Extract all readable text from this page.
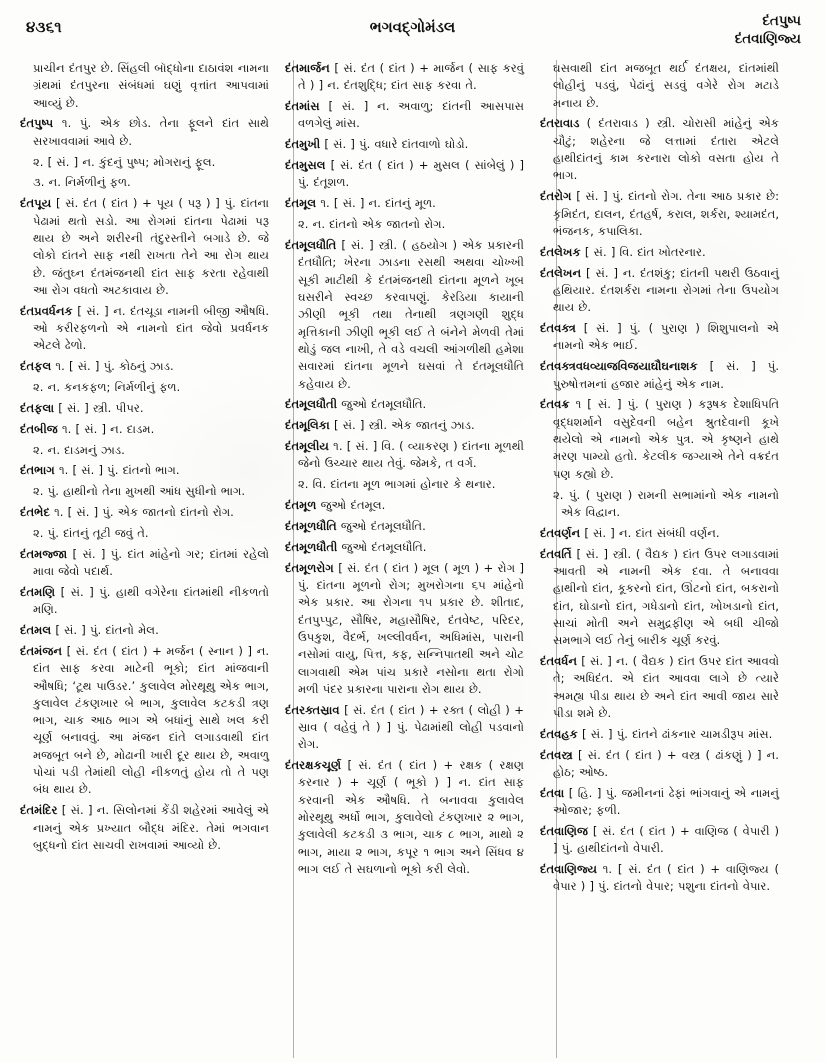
૪૩૬૧	ભગવદ્ગોમંડલ	દંતપુષ્પ
દંતવાણિજ્ય

પ્રાચીન દંતપુર છે. સિંહલી બૉદ્ધોના દાઠાવંશ નામના ગ્રંથમાં દંતપુરના સંબંધમાં ઘણું વૃત્તાંત આપવામાં આવ્યું છે.

દંતપુષ્પ ૧. પું. એક છોડ. તેના ફૂલને દાંત સાથે સરખાવવામાં આવે છે.

૨. [ સં. ] ન. કુંદનું પુષ્પ; મોગરાનું ફૂલ.

૩. ન. નિર્મળીનું ફળ.

દંતપૂય [ સં. દંત ( દાંત ) + પૂય ( પરૂ ) ] પું. દાંતના પેઢામાં થતો સડો. આ રોગમાં દાંતના પેઢામાં પરૂ થાય છે અને શરીરની તંદુરસ્તીને બગાડે છે. જે લોકો દાંતને સાફ નથી રાખતા તેને આ રોગ થાય છે. જંતુઘ્ન દંતમંજનથી દાંત સાફ કરતા રહેવાથી આ રોગ વધતો અટકાવાય છે.

દંતપ્રવર્ધનક [ સં. ] ન. દંતચૂડા નામની બીજી ઔષધિ. ઓ કરીરફળનો એ નામનો દાંત જેવો પ્રવર્ધનક એટલે ઢેળો.

દંતફલ ૧. [ સં. ] પું. કોઠનું ઝાડ.

૨. ન. કનકફળ; નિર્મળીનું ફળ.

દંતફલા [ સં. ] સ્ત્રી. પીપર.

દંતબીજ ૧. [ સં. ] ન. દાડમ.

૨. ન. દાડમનું ઝાડ.

દંતભાગ ૧. [ સં. ] પું. દાંતનો ભાગ.

૨. પું. હાથીનો તેના મુખથી આંધ સુધીનો ભાગ.

દંતભેદ ૧. [ સં. ] પું. એક જાતનો દાંતનો રોગ.

૨. પું. દાંતનું તૂટી જવું તે.

દંતમજ્જા [ સં. ] પું. દાંત માંહેનો ગર; દાંતમાં રહેલો માવા જેવો પદાર્થ.

દંતમણિ [ સં. ] પું. હાથી વગેરેના દાંતમાંથી નીકળતો મણિ.

દંતમલ [ સં. ] પું. દાંતનો મેલ.

દંતમંજન [ સં. દંત ( દાંત ) + મર્જન ( સ્નાન ) ] ન. દાંત સાફ કરવા માટેની ભૂકો; દાંત માંજવાની ઔષધિ; ‘ટૂથ પાઉડર.’ કુલાવેલ મોરથૂથુ એક ભાગ, કુલાવેલ ટંકણખાર બે ભાગ, કુલાવેલ કટકડી ત્રણ ભાગ, ચાક આઠ ભાગ એ બધાંનું સાથે ખલ કરી ચૂર્ણ બનાવવું. આ મંજન દાંતે લગાડવાથી દાંત મજબૂત બને છે, મોઢાની ખારી દૂર થાય છે, અવાળુ પોચાં પડી તેમાંથી લોહી નીકળતું હોય તો તે પણ બંધ થાય છે.

દંતમંદિર [ સં. ] ન. સિલોનમાં કેંડી શહેરમાં આવેલું એ નામનું એક પ્રખ્યાત બૌદ્ધ મંદિર. તેમાં ભગવાન બુદ્ધનો દાંત સાચવી રાખવામાં આવ્યો છે.

દંતમાર્જન [ સં. દંત ( દાંત ) + માર્જન ( સાફ કરવું તે ) ] ન. દંતશુદ્ધિ; દાંત સાફ કરવા તે.

દંતમાંસ [ સં. ] ન. અવાળુ; દાંતની આસપાસ વળગેલું માંસ.

દંતમુખી [ સં. ] પું. વધારે દાંતવાળો ઘોડો.

દંતમુસલ [ સં. દંત ( દાંત ) + મુસલ ( સાંબેલું ) ] પું. દંતૂશળ.

દંતમૂલ ૧. [ સં. ] ન. દાંતનું મૂળ.

૨. ન. દાંતનો એક જાતનો રોગ.

દંતમૂલધૌતિ [ સં. ] સ્ત્રી. ( હઠયોગ ) એક પ્રકારની દંતધૌતિ; ખેરના ઝાડના રસથી અથવા ચોખ્ખી સૂકી માટીથી કે દંતમંજનથી દાંતના મૂળને ખૂબ ઘસરીને સ્વચ્છ કરવાપણું. કેરડિયા કાયાની ઝીણી ભૂકી તથા તેનાથી ત્રણગણી શુદ્ધ મૃત્તિકાની ઝીણી ભૂકી લઈ તે બંનેને મેળવી તેમાં થોડું જલ નાખી, તે વડે વચલી આંગળીથી હમેશા સવારમાં દાંતના મૂળને ઘસવાં તે દંતમૂલધૌતિ કહેવાય છે.

દંતમૂલધૌતી જુઓ દંતમૂલધૌતિ.

દંતમૂલિકા [ સં. ] સ્ત્રી. એક જાતનું ઝાડ.

દંતમૂલીય ૧. [ સં. ] વિ. ( વ્યાકરણ ) દાંતના મૂળથી જેનો ઉચ્ચાર થાય તેવું. જેમકે, ત વર્ગ.

૨. વિ. દાંતના મૂળ ભાગમાં હોનાર કે થનાર.

દંતમૂળ જુઓ દંતમૂલ.

દંતમૂળધૌતિ જુઓ દંતમૂલધૌતિ.

દંતમૂળધૌતી જુઓ દંતમૂલધૌતિ.

દંતમૂળરોગ [ સં. દંત ( દાંત ) મૂલ ( મૂળ ) + રોગ ] પું. દાંતના મૂળનો રોગ; મુખરોગના ૬૫ માંહેનો એક પ્રકાર. આ રોગના ૧૫ પ્રકાર છે. શીતાદ, દંતપુપ્પુટ, સૌષિર, મહાસૌષિર, દંતવેષ્ટ, પરિદર, ઉપકુશ, વૈદર્ભ, ખલ્લીવર્ધન, અધિમાંસ, પારાની નસોમાં વાયુ, પિત્ત, કફ, સન્નિપાતથી અને ચોટ લાગવાથી એમ પાંચ પ્રકારે નસોના થતા રોગો મળી પંદર પ્રકારના પારાના રોગ થાય છે.

દંતરક્તસ્રાવ [ સં. દંત ( દાંત ) + રક્ત ( લોહી ) + સ્રાવ ( વહેવું તે ) ] પું. પેઢામાંથી લોહી પડવાનો રોગ.

દંતરક્ષકચૂર્ણ [ સં. દંત ( દાંત ) + રક્ષક ( રક્ષણ કરનાર ) + ચૂર્ણ ( ભૂકો ) ] ન. દાંત સાફ કરવાની એક ઔષધિ. તે બનાવવા કુલાવેલ મોરથૂથુ અર્ધો ભાગ, કુલાવેલો ટંકણખાર ૨ ભાગ, કુલાવેલી કટકડી ૩ ભાગ, ચાક ૮ ભાગ, માથો ૨ ભાગ, માયા ૨ ભાગ, કપૂર ૧ ભાગ અને સિંધવ ૪ ભાગ લઈ તે સઘળાનો ભૂકો કરી લેવો.

ઘસવાથી દાંત મજબૂત થર્ઈ દંતક્ષય, દાંતમાંથી લોહીનું પડવું, પેઢાંનું સડવું વગેરે રોગ મટાડે મનાય છે.

દંતરાવાડ ( દંતરાવાડ ) સ્ત્રી. ચોરાસી માંહેનું એક ચૌટું; શહેરના જે લત્તામાં દંતારા એટલે હાથીદાંતનું કામ કરનારા લોકો વસતા હોય તે ભાગ.

દંતરોગ [ સં. ] પું. દાંતનો રોગ. તેના આઠ પ્રકાર છે: કૃમિદંત, દાલન, દંતહર્ષ, કરાલ, શર્કરા, શ્યામદંત, ભંજનક, કપાલિકા.

દંતલેખક [ સં. ] વિ. દાંત ખોતરનાર.

દંતલેખન [ સં. ] ન. દંતશંકુ; દાંતની પથરી ઉઠવાનું હથિયાર. દંતશર્કરા નામના રોગમાં તેના ઉપયોગ થાય છે.

દંતવક્ત્ર [ સં. ] પું. ( પુરાણ ) શિશુપાલનો એ નામનો એક ભાઈ.

દંતવક્ત્રવધવ્યાજવિજયાઘૌઘનાશક [ સં. ] પું. પુરુષોત્તમનાં હજાર માંહેનું એક નામ.

દંતવક્ર ૧ [ સં. ] પું. ( પુરાણ ) કરૂષક દેશાધિપતિ વૃદ્ધશર્માને વસુદેવની બહેન શ્રુતદેવાની કૂખે થયેલો એ નામનો એક પુત્ર. એ કૃષ્ણને હાથે મરણ પામ્યો હતો. કેટલીક જગ્યાએ તેને વક્રદંત પણ કહ્યો છે.

૨. પું. ( પુરાણ ) રામની સભામાંનો એક નામનો એક વિદ્વાન.

દંતવર્ણન [ સં. ] ન. દાંત સંબંધી વર્ણન.

દંતવર્તિ [ સં. ] સ્ત્રી. ( વૈદ્યક ) દાંત ઉપર લગાડવામાં આવતી એ નામની એક દવા. તે બનાવવા હાથીનો દાંત, કૂકરનો દાંત, ઊંટનો દાંત, બકરાનો દાંત, ઘોડાનો દાંત, ગધેડાનો દાંત, ખોખડાનો દાંત, સાચાં મોતી અને સમુદ્રફીણ એ બધી ચીજો સમભાગે લઈ તેનું બારીક ચૂર્ણ કરવું.

દંતવર્ધન [ સં. ] ન. ( વૈદ્યક ) દાંત ઉપર દાંત આવવો તે; અધિદંત. એ દાંત આવવા લાગે છે ત્યારે અમહ્ય પીડા થાય છે અને દાંત આવી જાય સારે પીડા શમે છે.

દંતવહક [ સં. ] પું. દાંતને ઢાંકનાર ચામડીરૂપ માંસ.

દંતવસ્ત્ર [ સં. દંત ( દાંત ) + વસ્ત્ર ( ઢાંકણું ) ] ન. હોઠ; ઓષ્ઠ.

દંતવા [ હિ. ] પું. જમીનનાં ઢેફાં ભાંગવાનું એ નામનું ઓજાર; ફળી.

દંતવાણિજ [ સં. દંત ( દાંત ) + વાણિજ ( વેપારી ) ] પું. હાથીદાંતનો વેપારી.

દંતવાણિજ્ય ૧. [ સં. દંત ( દાંત ) + વાણિજ્ય ( વેપાર ) ] પું. દાંતનો વેપાર; પશુના દાંતનો વેપાર.
